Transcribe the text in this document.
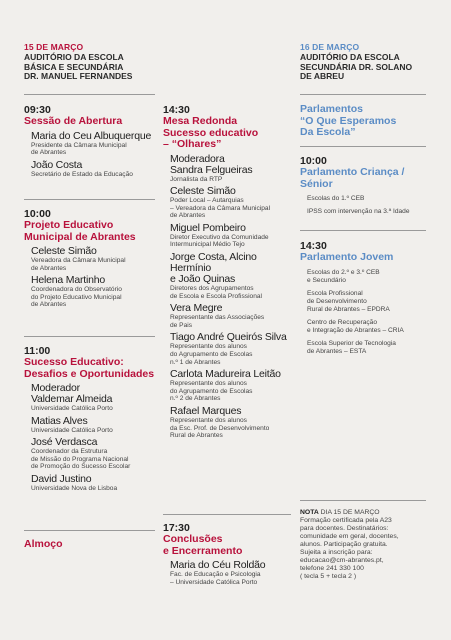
15 DE MARÇO
AUDITÓRIO DA ESCOLA
BÁSICA E SECUNDÁRIA
DR. MANUEL FERNANDES
16 DE MARÇO
AUDITÓRIO DA ESCOLA
SECUNDÁRIA DR. SOLANO
DE ABREU
09:30
Sessão de Abertura
Maria do Ceu Albuquerque
Presidente da Câmara Municipal
de Abrantes
João Costa
Secretário de Estado da Educação
10:00
Projeto Educativo
Municipal de Abrantes
Celeste Simão
Vereadora da Câmara Municipal
de Abrantes
Helena Martinho
Coordenadora do Observatório
do Projeto Educativo Municipal
de Abrantes
11:00
Sucesso Educativo:
Desafios e Oportunidades
Moderador
Valdemar Almeida
Universidade Católica Porto
Matias Alves
Universidade Católica Porto
José Verdasca
Coordenador da Estrutura
de Missão do Programa Nacional
de Promoção do Sucesso Escolar
David Justino
Universidade Nova de Lisboa
Almoço
14:30
Mesa Redonda
Sucesso educativo
– “Olhares”
Moderadora
Sandra Felgueiras
Jornalista da RTP
Celeste Simão
Poder Local – Autarquias
– Vereadora da Câmara Municipal
de Abrantes
Miguel Pombeiro
Diretor Executivo da Comunidade
Intermunicipal Médio Tejo
Jorge Costa, Alcino Hermínio
e João Quinas
Diretores dos Agrupamentos
de Escola e Escola Profissional
Vera Megre
Representante das Associações
de Pais
Tiago André Queirós Silva
Representante dos alunos
do Agrupamento de Escolas
n.º 1 de Abrantes
Carlota Madureira Leitão
Representante dos alunos
do Agrupamento de Escolas
n.º 2 de Abrantes
Rafael Marques
Representante dos alunos
da Esc. Prof. de Desenvolvimento
Rural de Abrantes
17:30
Conclusões
e Encerramento
Maria do Céu Roldão
Fac. de Educação e Psicologia
– Universidade Católica Porto
Parlamentos
“O Que Esperamos
Da Escola”
10:00
Parlamento Criança /
Sénior
Escolas do 1.º CEB
IPSS com intervenção na 3.ª Idade
14:30
Parlamento Jovem
Escolas do 2.º e 3.º CEB
e Secundário
Escola Profissional
de Desenvolvimento
Rural de Abrantes – EPDRA
Centro de Recuperação
e Integração de Abrantes – CRIA
Escola Superior de Tecnologia
de Abrantes – ESTA
NOTA DIA 15 DE MARÇO
Formação certificada pela A23
para docentes. Destinatários:
comunidade em geral, docentes,
alunos. Participação gratuita.
Sujeita a inscrição para:
educacao@cm-abrantes.pt,
telefone 241 330 100
( tecla 5 + tecla 2 )
